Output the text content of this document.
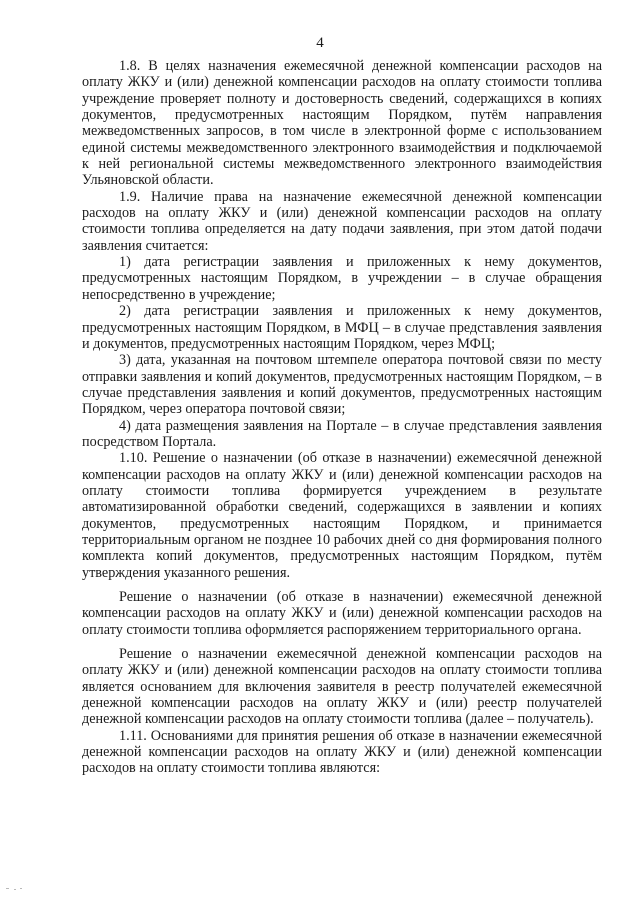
4

1.8. В целях назначения ежемесячной денежной компенсации расходов на оплату ЖКУ и (или) денежной компенсации расходов на оплату стоимости топлива учреждение проверяет полноту и достоверность сведений, содержащихся в копиях документов, предусмотренных настоящим Порядком, путём направления межведомственных запросов, в том числе в электронной форме с использованием единой системы межведомственного электронного взаимодействия и подключаемой к ней региональной системы межведомственного электронного взаимодействия Ульяновской области.

1.9. Наличие права на назначение ежемесячной денежной компенсации расходов на оплату ЖКУ и (или) денежной компенсации расходов на оплату стоимости топлива определяется на дату подачи заявления, при этом датой подачи заявления считается:

1) дата регистрации заявления и приложенных к нему документов, предусмотренных настоящим Порядком, в учреждении – в случае обращения непосредственно в учреждение;

2) дата регистрации заявления и приложенных к нему документов, предусмотренных настоящим Порядком, в МФЦ – в случае представления заявления и документов, предусмотренных настоящим Порядком, через МФЦ;

3) дата, указанная на почтовом штемпеле оператора почтовой связи по месту отправки заявления и копий документов, предусмотренных настоящим Порядком, – в случае представления заявления и копий документов, предусмотренных настоящим Порядком, через оператора почтовой связи;

4) дата размещения заявления на Портале – в случае представления заявления посредством Портала.

1.10. Решение о назначении (об отказе в назначении) ежемесячной денежной компенсации расходов на оплату ЖКУ и (или) денежной компенсации расходов на оплату стоимости топлива формируется учреждением в результате автоматизированной обработки сведений, содержащихся в заявлении и копиях документов, предусмотренных настоящим Порядком, и принимается территориальным органом не позднее 10 рабочих дней со дня формирования полного комплекта копий документов, предусмотренных настоящим Порядком, путём утверждения указанного решения.

Решение о назначении (об отказе в назначении) ежемесячной денежной компенсации расходов на оплату ЖКУ и (или) денежной компенсации расходов на оплату стоимости топлива оформляется распоряжением территориального органа.

Решение о назначении ежемесячной денежной компенсации расходов на оплату ЖКУ и (или) денежной компенсации расходов на оплату стоимости топлива является основанием для включения заявителя в реестр получателей ежемесячной денежной компенсации расходов на оплату ЖКУ и (или) реестр получателей денежной компенсации расходов на оплату стоимости топлива (далее – получатель).

1.11. Основаниями для принятия решения об отказе в назначении ежемесячной денежной компенсации расходов на оплату ЖКУ и (или) денежной компенсации расходов на оплату стоимости топлива являются:
